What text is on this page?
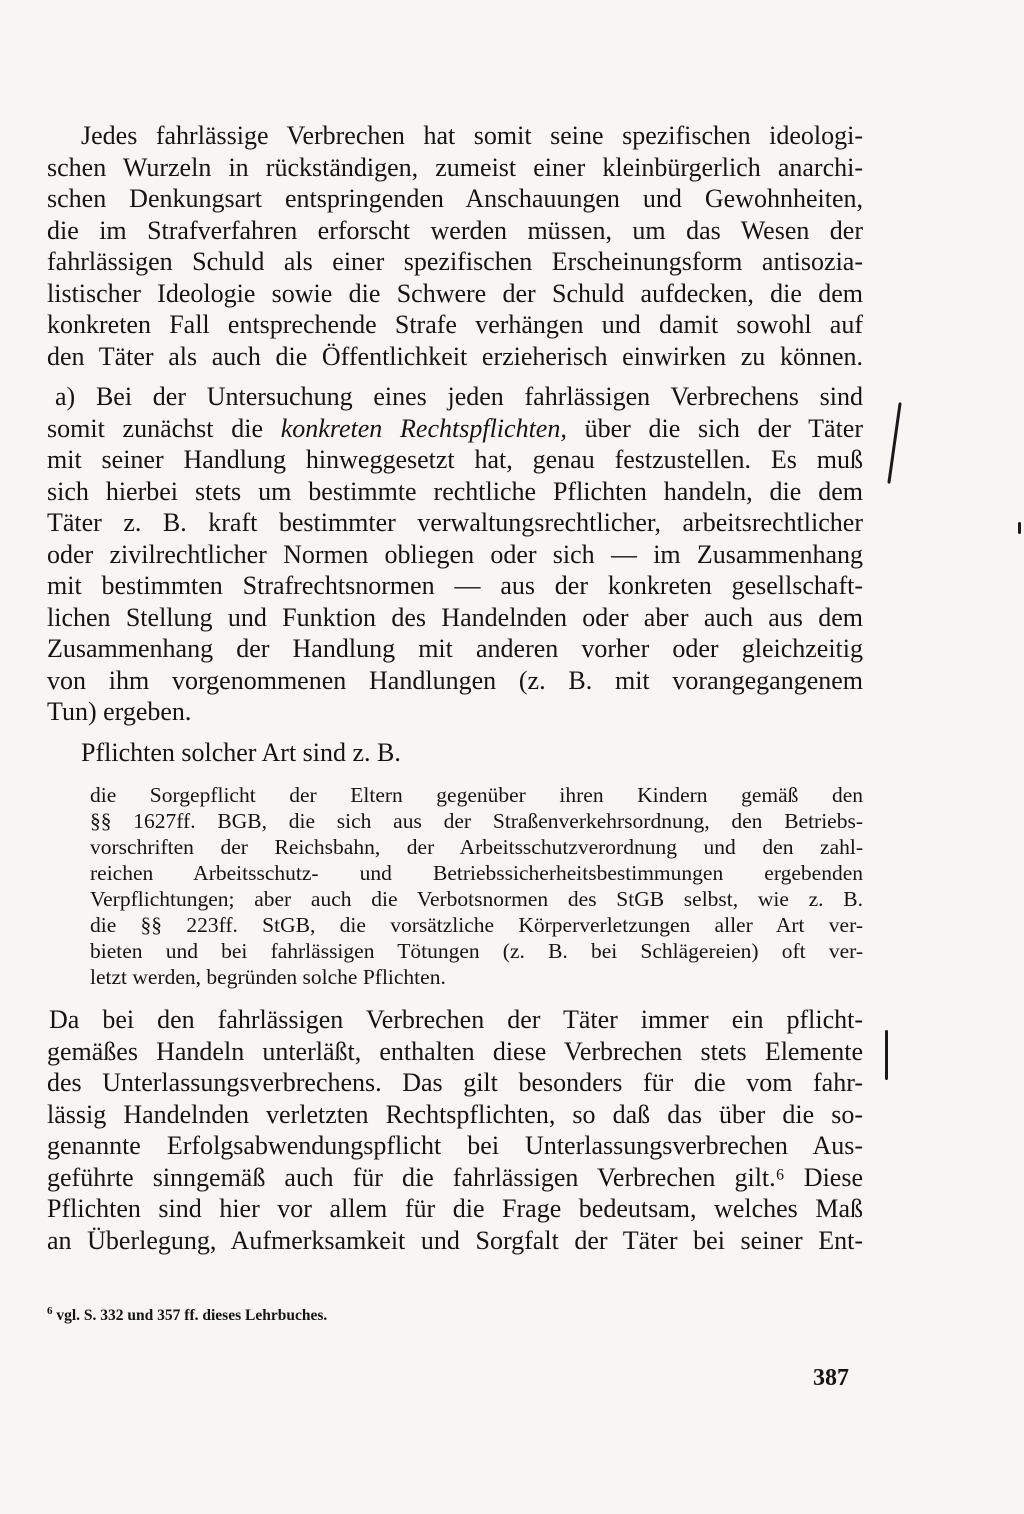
Jedes fahrlässige Verbrechen hat somit seine spezifischen ideologi-
schen Wurzeln in rückständigen, zumeist einer kleinbürgerlich anarchi-
schen Denkungsart entspringenden Anschauungen und Gewohnheiten,
die im Strafverfahren erforscht werden müssen, um das Wesen der
fahrlässigen Schuld als einer spezifischen Erscheinungsform antisozia-
listischer Ideologie sowie die Schwere der Schuld aufdecken, die dem
konkreten Fall entsprechende Strafe verhängen und damit sowohl auf
den Täter als auch die Öffentlichkeit erzieherisch einwirken zu können.
a) Bei der Untersuchung eines jeden fahrlässigen Verbrechens sind
somit zunächst die konkreten Rechtspflichten, über die sich der Täter
mit seiner Handlung hinweggesetzt hat, genau festzustellen. Es muß
sich hierbei stets um bestimmte rechtliche Pflichten handeln, die dem
Täter z. B. kraft bestimmter verwaltungsrechtlicher, arbeitsrechtlicher
oder zivilrechtlicher Normen obliegen oder sich — im Zusammenhang
mit bestimmten Strafrechtsnormen — aus der konkreten gesellschaft-
lichen Stellung und Funktion des Handelnden oder aber auch aus dem
Zusammenhang der Handlung mit anderen vorher oder gleichzeitig
von ihm vorgenommenen Handlungen (z. B. mit vorangegangenem
Tun) ergeben.
Pflichten solcher Art sind z. B.
die Sorgepflicht der Eltern gegenüber ihren Kindern gemäß den
§§ 1627ff. BGB, die sich aus der Straßenverkehrsordnung, den Betriebs-
vorschriften der Reichsbahn, der Arbeitsschutzverordnung und den zahl-
reichen Arbeitsschutz- und Betriebssicherheitsbestimmungen ergebenden
Verpflichtungen; aber auch die Verbotsnormen des StGB selbst, wie z. B.
die §§ 223ff. StGB, die vorsätzliche Körperverletzungen aller Art ver-
bieten und bei fahrlässigen Tötungen (z. B. bei Schlägereien) oft ver-
letzt werden, begründen solche Pflichten.
Da bei den fahrlässigen Verbrechen der Täter immer ein pflicht-
gemäßes Handeln unterläßt, enthalten diese Verbrechen stets Elemente
des Unterlassungsverbrechens. Das gilt besonders für die vom fahr-
lässig Handelnden verletzten Rechtspflichten, so daß das über die so-
genannte Erfolgsabwendungspflicht bei Unterlassungsverbrechen Aus-
geführte sinngemäß auch für die fahrlässigen Verbrechen gilt.⁶ Diese
Pflichten sind hier vor allem für die Frage bedeutsam, welches Maß
an Überlegung, Aufmerksamkeit und Sorgfalt der Täter bei seiner Ent-
$^6$ vgl. S. 332 und 357 ff. dieses Lehrbuches.
387
